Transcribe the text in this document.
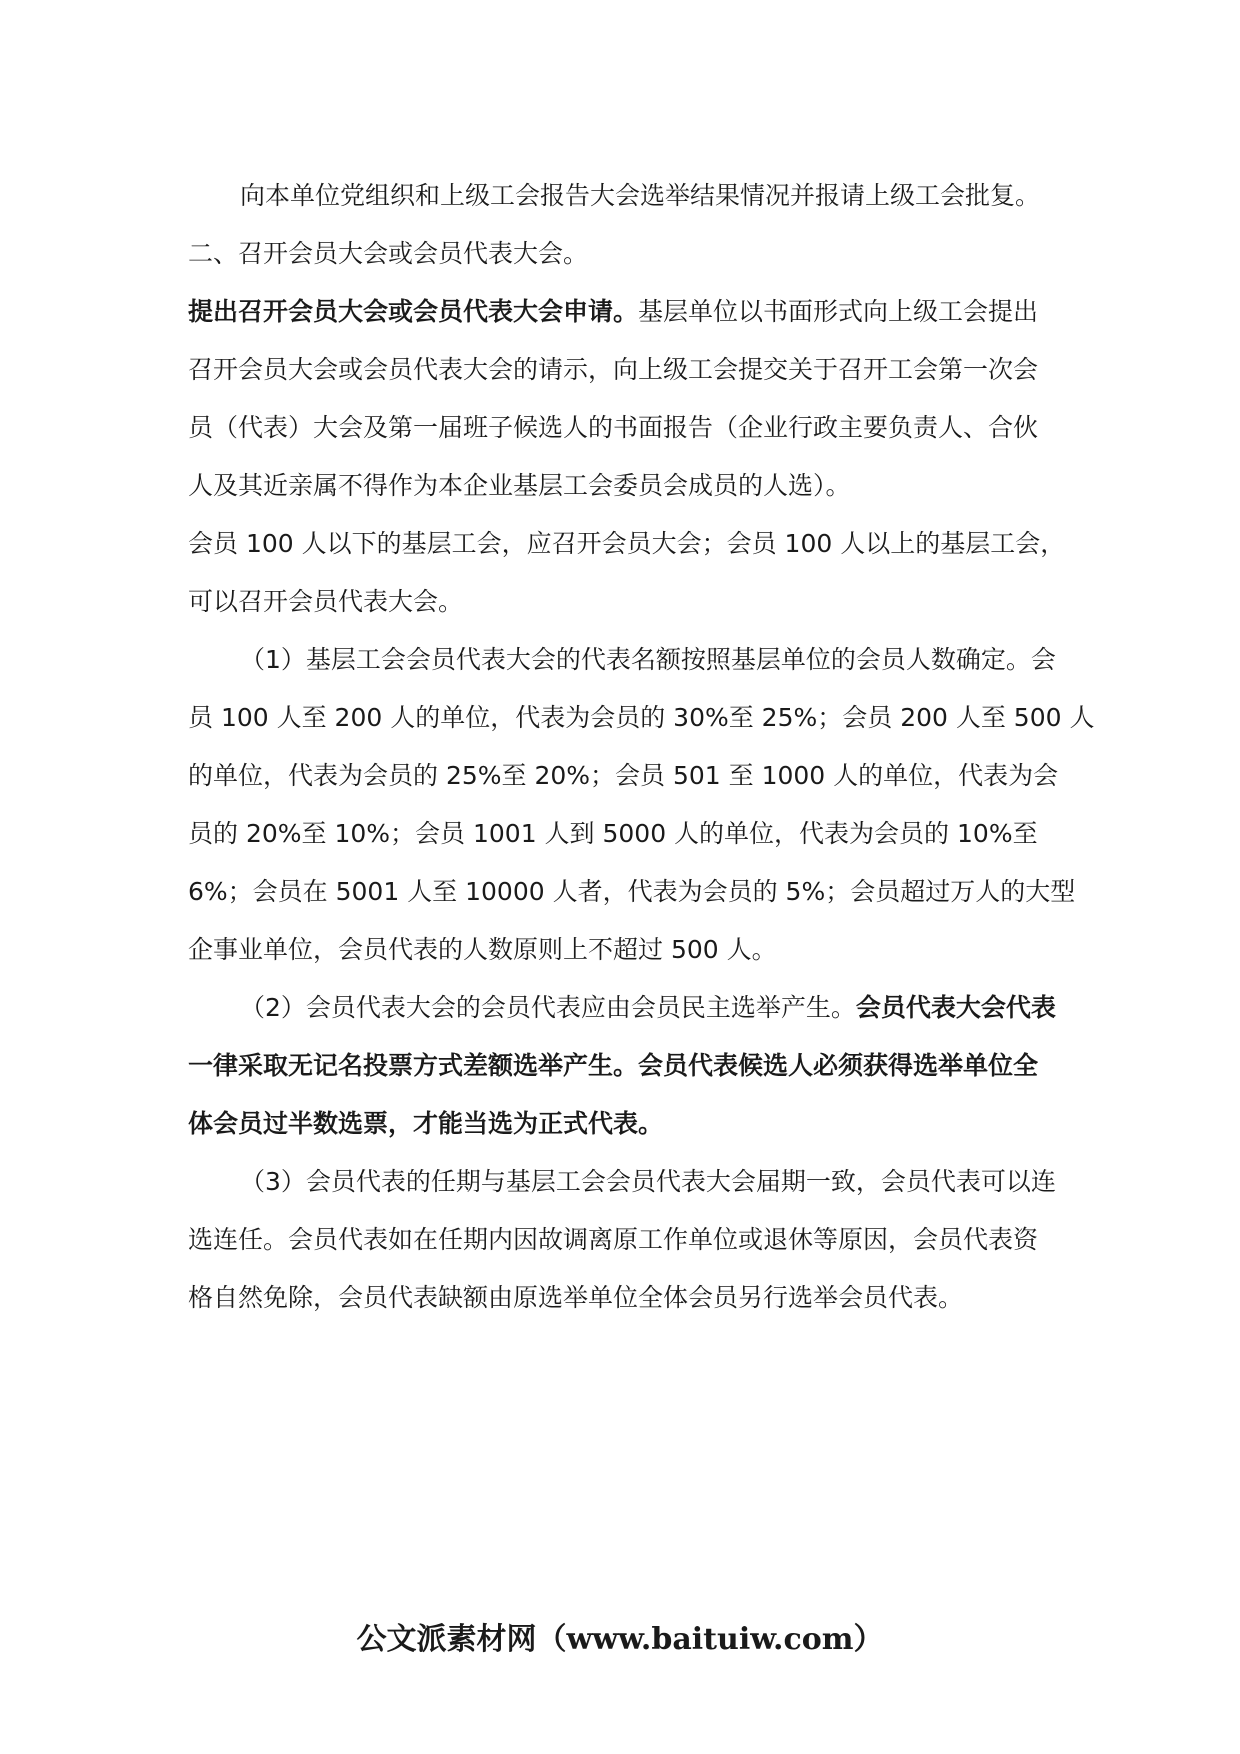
向本单位党组织和上级工会报告大会选举结果情况并报请上级工会批复。
二、召开会员大会或会员代表大会。
提出召开会员大会或会员代表大会申请。基层单位以书面形式向上级工会提出
召开会员大会或会员代表大会的请示，向上级工会提交关于召开工会第一次会
员（代表）大会及第一届班子候选人的书面报告（企业行政主要负责人、合伙
人及其近亲属不得作为本企业基层工会委员会成员的人选）。
会员 100 人以下的基层工会，应召开会员大会；会员 100 人以上的基层工会，
可以召开会员代表大会。
（1）基层工会会员代表大会的代表名额按照基层单位的会员人数确定。会
员 100 人至 200 人的单位，代表为会员的 30%至 25%；会员 200 人至 500 人
的单位，代表为会员的 25%至 20%；会员 501 至 1000 人的单位，代表为会
员的 20%至 10%；会员 1001 人到 5000 人的单位，代表为会员的 10%至
6%；会员在 5001 人至 10000 人者，代表为会员的 5%；会员超过万人的大型
企事业单位，会员代表的人数原则上不超过 500 人。
（2）会员代表大会的会员代表应由会员民主选举产生。会员代表大会代表
一律采取无记名投票方式差额选举产生。会员代表候选人必须获得选举单位全
体会员过半数选票，才能当选为正式代表。
（3）会员代表的任期与基层工会会员代表大会届期一致，会员代表可以连
选连任。会员代表如在任期内因故调离原工作单位或退休等原因，会员代表资
格自然免除，会员代表缺额由原选举单位全体会员另行选举会员代表。
公文派素材网（www.baituiw.com）
